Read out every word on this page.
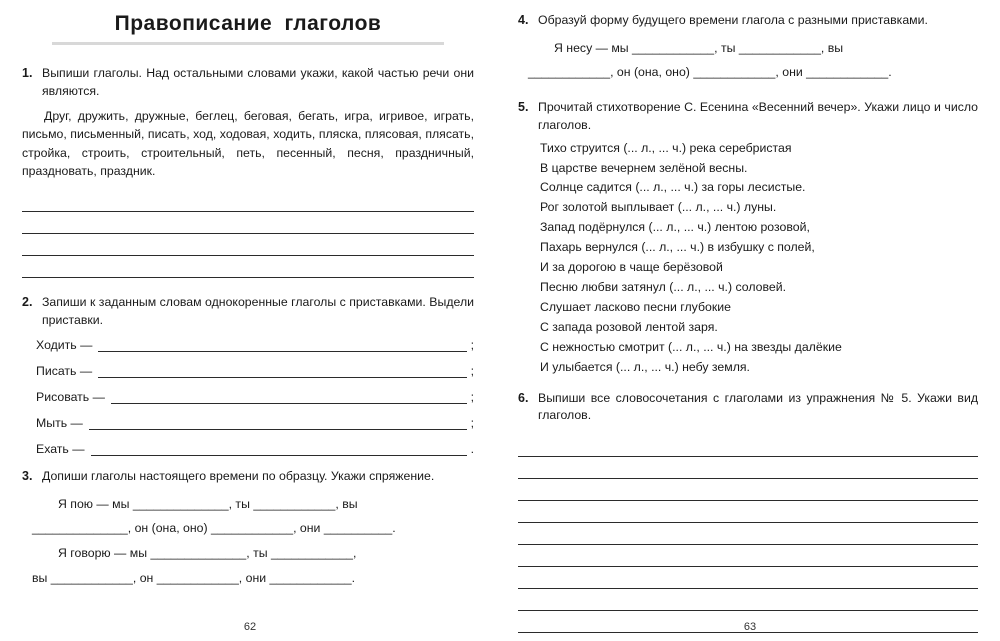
Правописание глаголов
1. Выпиши глаголы. Над остальными словами укажи, какой частью речи они являются.
Друг, дружить, дружные, беглец, беговая, бегать, игра, игривое, играть, письмо, письменный, писать, ход, ходовая, ходить, пляска, плясовая, плясать, стройка, строить, строительный, петь, песенный, песня, праздничный, праздновать, праздник.
2. Запиши к заданным словам однокоренные глаголы с приставками. Выдели приставки.
Ходить —	;
Писать —	;
Рисовать —	;
Мыть —	;
Ехать —	.
3. Допиши глаголы настоящего времени по образцу. Укажи спряжение.
Я пою — мы ______________, ты ____________, вы
______________, он (она, оно) ____________, они __________.
Я говорю — мы ______________, ты ____________,
вы ____________, он ____________, они ____________.
62
4. Образуй форму будущего времени глагола с разными приставками.
Я несу — мы ____________, ты ____________, вы
____________, он (она, оно) ____________, они ____________.
5. Прочитай стихотворение С. Есенина «Весенний вечер». Укажи лицо и число глаголов.
Тихо струится (... л., ... ч.) река серебристая
В царстве вечернем зелёной весны.
Солнце садится (... л., ... ч.) за горы лесистые.
Рог золотой выплывает (... л., ... ч.) луны.
Запад подёрнулся (... л., ... ч.) лентою розовой,
Пахарь вернулся (... л., ... ч.) в избушку с полей,
И за дорогою в чаще берёзовой
Песню любви затянул (... л., ... ч.) соловей.
Слушает ласково песни глубокие
С запада розовой лентой заря.
С нежностью смотрит (... л., ... ч.) на звезды далёкие
И улыбается (... л., ... ч.) небу земля.
6. Выпиши все словосочетания с глаголами из упражнения № 5. Укажи вид глаголов.
63
